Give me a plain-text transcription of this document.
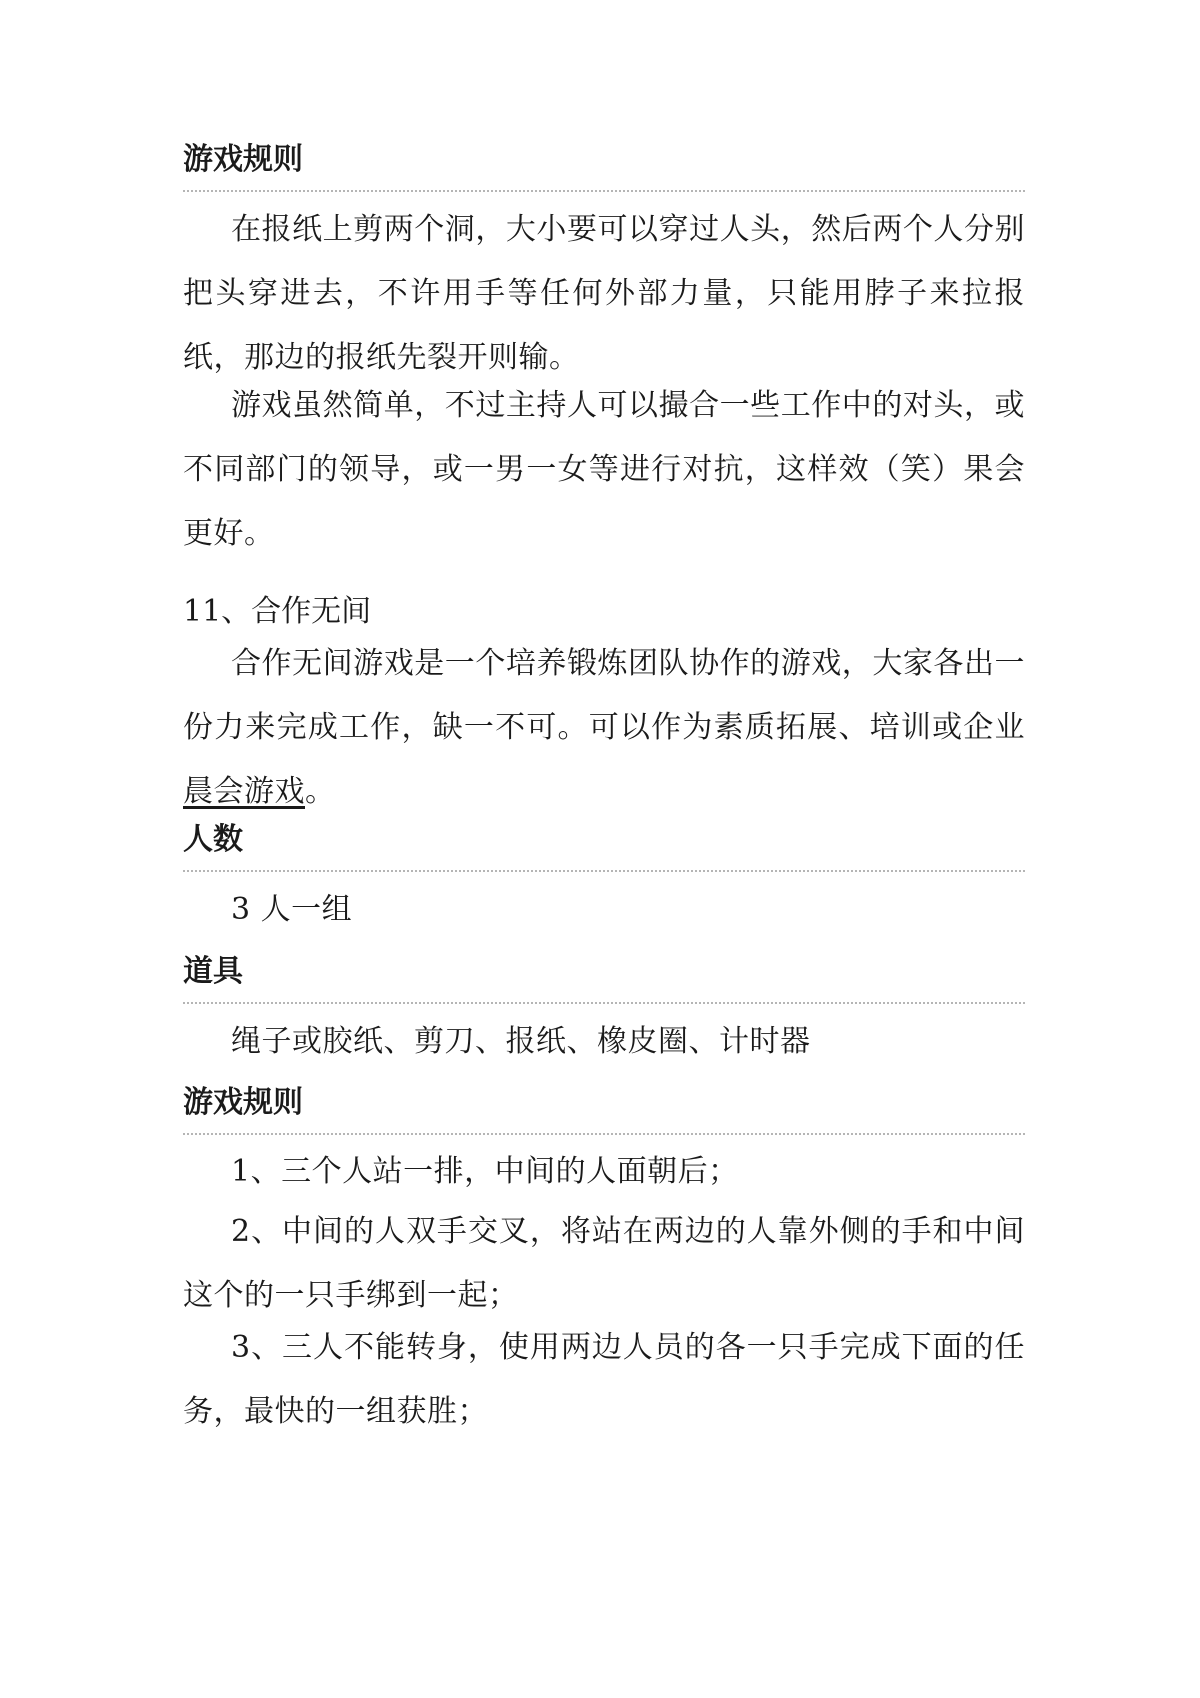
游戏规则
在报纸上剪两个洞，大小要可以穿过人头，然后两个人分别把头穿进去，不许用手等任何外部力量，只能用脖子来拉报纸，那边的报纸先裂开则输。
游戏虽然简单，不过主持人可以撮合一些工作中的对头，或不同部门的领导，或一男一女等进行对抗，这样效（笑）果会更好。
11、合作无间
合作无间游戏是一个培养锻炼团队协作的游戏，大家各出一份力来完成工作，缺一不可。可以作为素质拓展、培训或企业晨会游戏。
人数
3 人一组
道具
绳子或胶纸、剪刀、报纸、橡皮圈、计时器
游戏规则
1、三个人站一排，中间的人面朝后；
2、中间的人双手交叉，将站在两边的人靠外侧的手和中间这个的一只手绑到一起；
3、三人不能转身，使用两边人员的各一只手完成下面的任务，最快的一组获胜；
